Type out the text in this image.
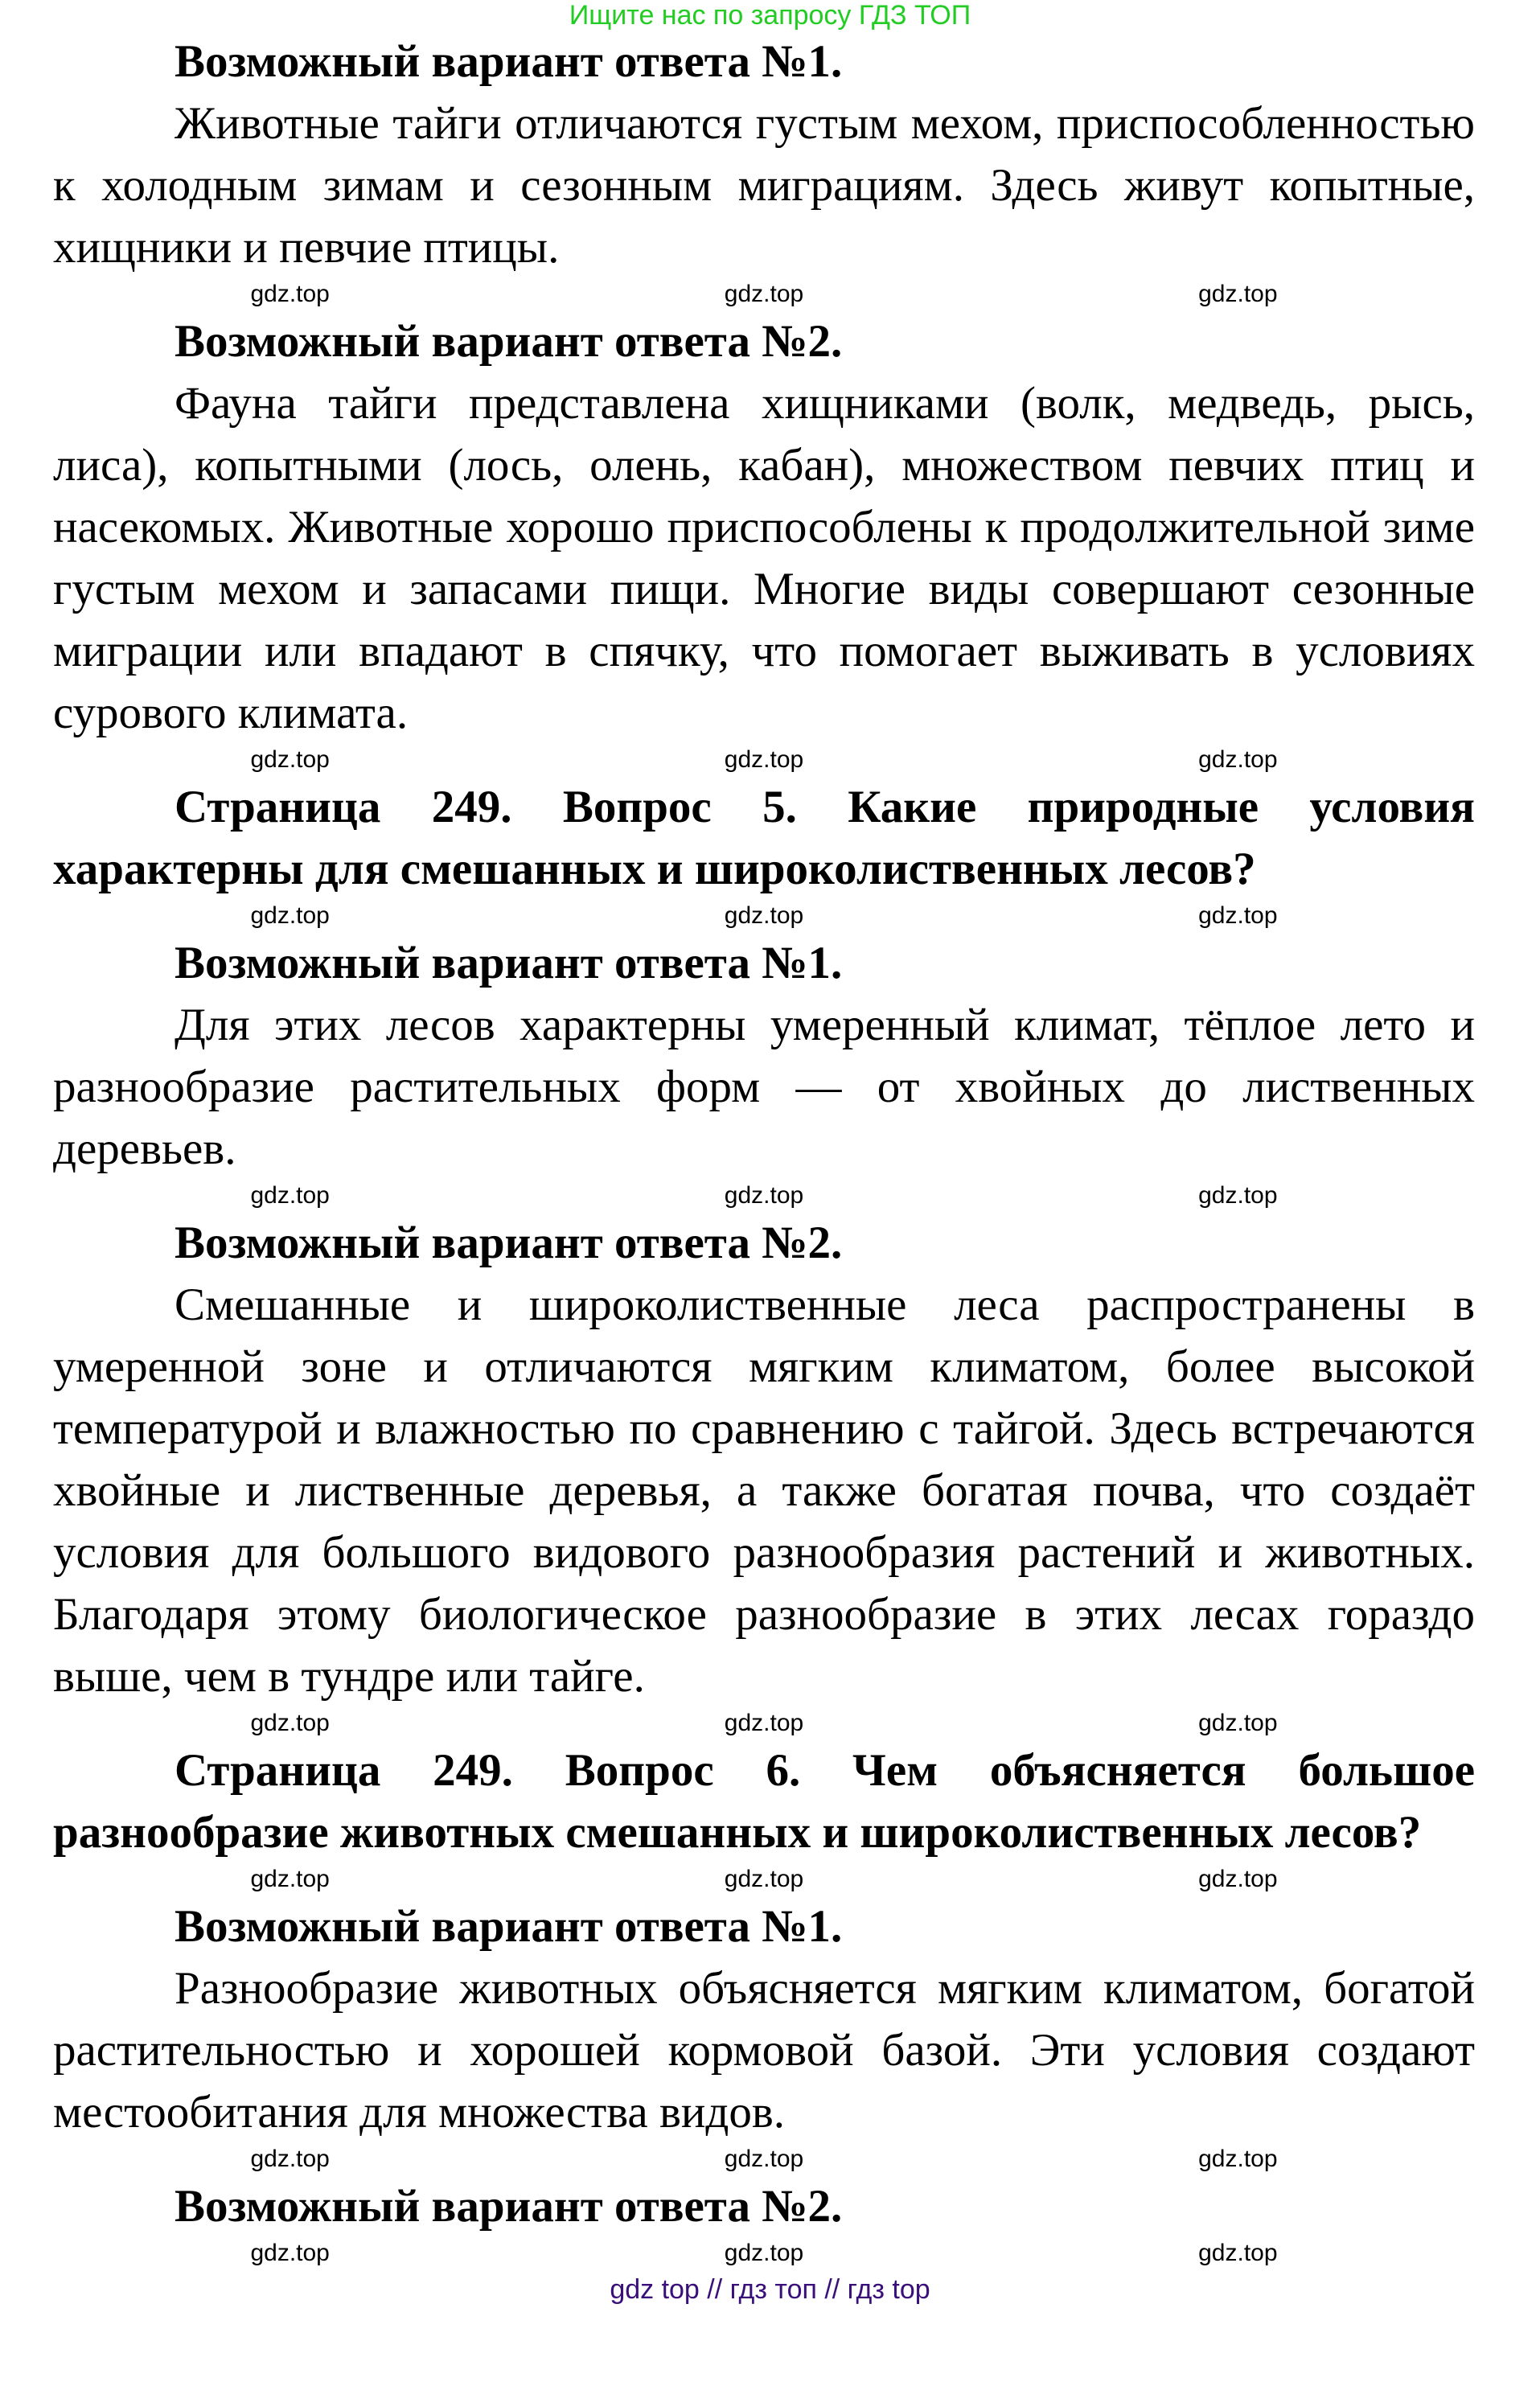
Ищите нас по запросу ГДЗ ТОП
Возможный вариант ответа №1.
Животные тайги отличаются густым мехом, приспособленностью к холодным зимам и сезонным миграциям. Здесь живут копытные, хищники и певчие птицы.
gdz.top	gdz.top	gdz.top
Возможный вариант ответа №2.
Фауна тайги представлена хищниками (волк, медведь, рысь, лиса), копытными (лось, олень, кабан), множеством певчих птиц и насекомых. Животные хорошо приспособлены к продолжительной зиме густым мехом и запасами пищи. Многие виды совершают сезонные миграции или впадают в спячку, что помогает выживать в условиях сурового климата.
gdz.top	gdz.top	gdz.top
Страница 249. Вопрос 5. Какие природные условия характерны для смешанных и широколиственных лесов?
gdz.top	gdz.top	gdz.top
Возможный вариант ответа №1.
Для этих лесов характерны умеренный климат, тёплое лето и разнообразие растительных форм — от хвойных до лиственных деревьев.
gdz.top	gdz.top	gdz.top
Возможный вариант ответа №2.
Смешанные и широколиственные леса распространены в умеренной зоне и отличаются мягким климатом, более высокой температурой и влажностью по сравнению с тайгой. Здесь встречаются хвойные и лиственные деревья, а также богатая почва, что создаёт условия для большого видового разнообразия растений и животных. Благодаря этому биологическое разнообразие в этих лесах гораздо выше, чем в тундре или тайге.
gdz.top	gdz.top	gdz.top
Страница 249. Вопрос 6. Чем объясняется большое разнообразие животных смешанных и широколиственных лесов?
gdz.top	gdz.top	gdz.top
Возможный вариант ответа №1.
Разнообразие животных объясняется мягким климатом, богатой растительностью и хорошей кормовой базой. Эти условия создают местообитания для множества видов.
gdz.top	gdz.top	gdz.top
Возможный вариант ответа №2.
gdz.top	gdz.top	gdz.top
gdz top // гдз топ // гдз top
